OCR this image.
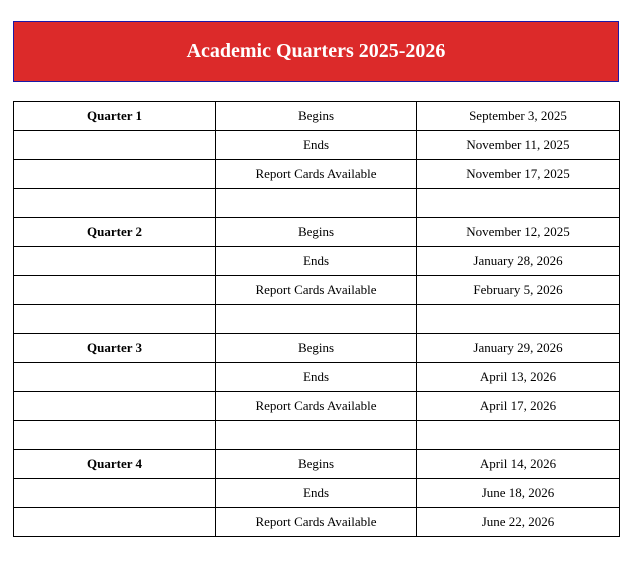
Academic Quarters 2025-2026
Quarter 1	Begins	September 3, 2025
	Ends	November 11, 2025
	Report Cards Available	November 17, 2025

Quarter 2	Begins	November 12, 2025
	Ends	January 28, 2026
	Report Cards Available	February 5, 2026

Quarter 3	Begins	January 29, 2026
	Ends	April 13, 2026
	Report Cards Available	April 17, 2026

Quarter 4	Begins	April 14, 2026
	Ends	June 18, 2026
	Report Cards Available	June 22, 2026
